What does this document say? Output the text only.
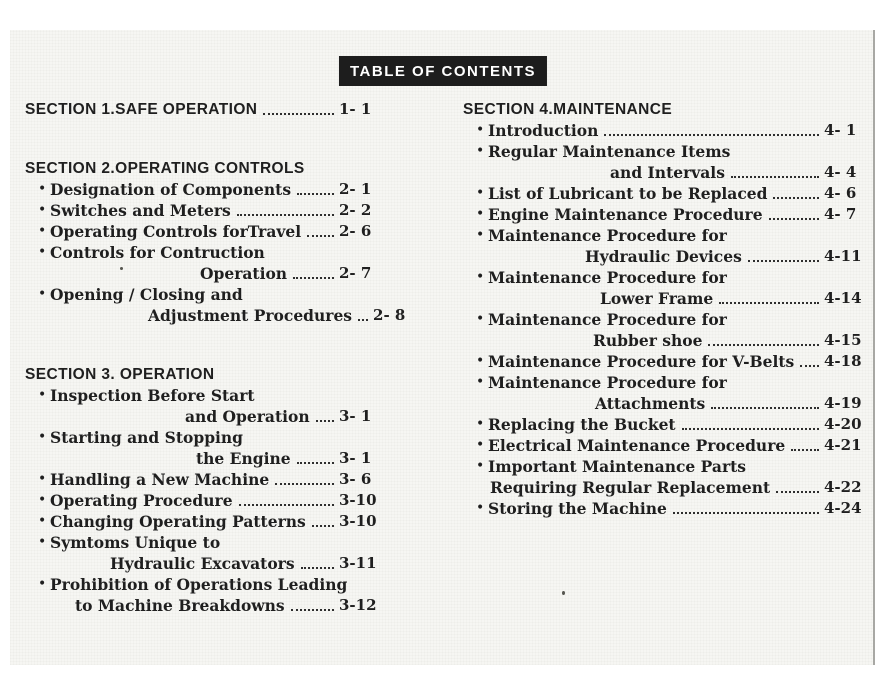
TABLE OF CONTENTS
SECTION 1.SAFE OPERATION	1- 1
SECTION 2.OPERATING CONTROLS
• Designation of Components	2- 1
• Switches and Meters	2- 2
• Operating Controls forTravel	2- 6
• Controls for Contruction
Operation	2- 7
• Opening / Closing and
Adjustment Procedures 2- 8
SECTION 3. OPERATION
• Inspection Before Start
and Operation 3- 1
• Starting and Stopping
the Engine	3- 1
• Handling a New Machine	3- 6
• Operating Procedure	3-10
• Changing Operating Patterns 3-10
• Symtoms Unique to
Hydraulic Excavators	3-11
• Prohibition of Operations Leading
to Machine Breakdowns	3-12
SECTION 4.MAINTENANCE
• Introduction	4- 1
• Regular Maintenance Items
and Intervals	4- 4
• List of Lubricant to be Replaced	4- 6
• Engine Maintenance Procedure	4- 7
• Maintenance Procedure for
Hydraulic Devices	4-11
• Maintenance Procedure for
Lower Frame	4-14
• Maintenance Procedure for
Rubber shoe	4-15
• Maintenance Procedure for V-Belts 4-18
• Maintenance Procedure for
Attachments	4-19
• Replacing the Bucket	4-20
• Electrical Maintenance Procedure	4-21
• Important Maintenance Parts
Requiring Regular Replacement	4-22
• Storing the Machine	4-24
